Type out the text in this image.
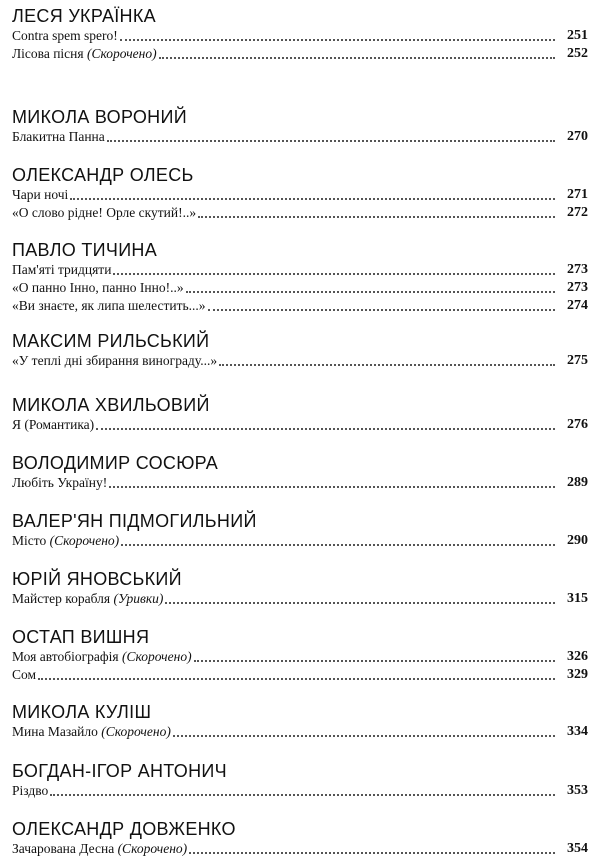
ЛЕСЯ УКРАЇНКА
Contra spem spero!	251
Лісова пісня (Скорочено)	252
МИКОЛА ВОРОНИЙ
Блакитна Панна	270
ОЛЕКСАНДР ОЛЕСЬ
Чари ночі	271
«О слово рідне! Орле скутий!..»	272
ПАВЛО ТИЧИНА
Пам'яті тридцяти	273
«О панно Інно, панно Інно!..»	273
«Ви знаєте, як липа шелестить...»	274
МАКСИМ РИЛЬСЬКИЙ
«У теплі дні збирання винограду...»	275
МИКОЛА ХВИЛЬОВИЙ
Я (Романтика)	276
ВОЛОДИМИР СОСЮРА
Любіть Україну!	289
ВАЛЕР'ЯН ПІДМОГИЛЬНИЙ
Місто (Скорочено)	290
ЮРІЙ ЯНОВСЬКИЙ
Майстер корабля (Уривки)	315
ОСТАП ВИШНЯ
Моя автобіографія (Скорочено)	326
Сом	329
МИКОЛА КУЛІШ
Мина Мазайло (Скорочено)	334
БОГДАН-ІГОР АНТОНИЧ
Різдво	353
ОЛЕКСАНДР ДОВЖЕНКО
Зачарована Десна (Скорочено)	354
